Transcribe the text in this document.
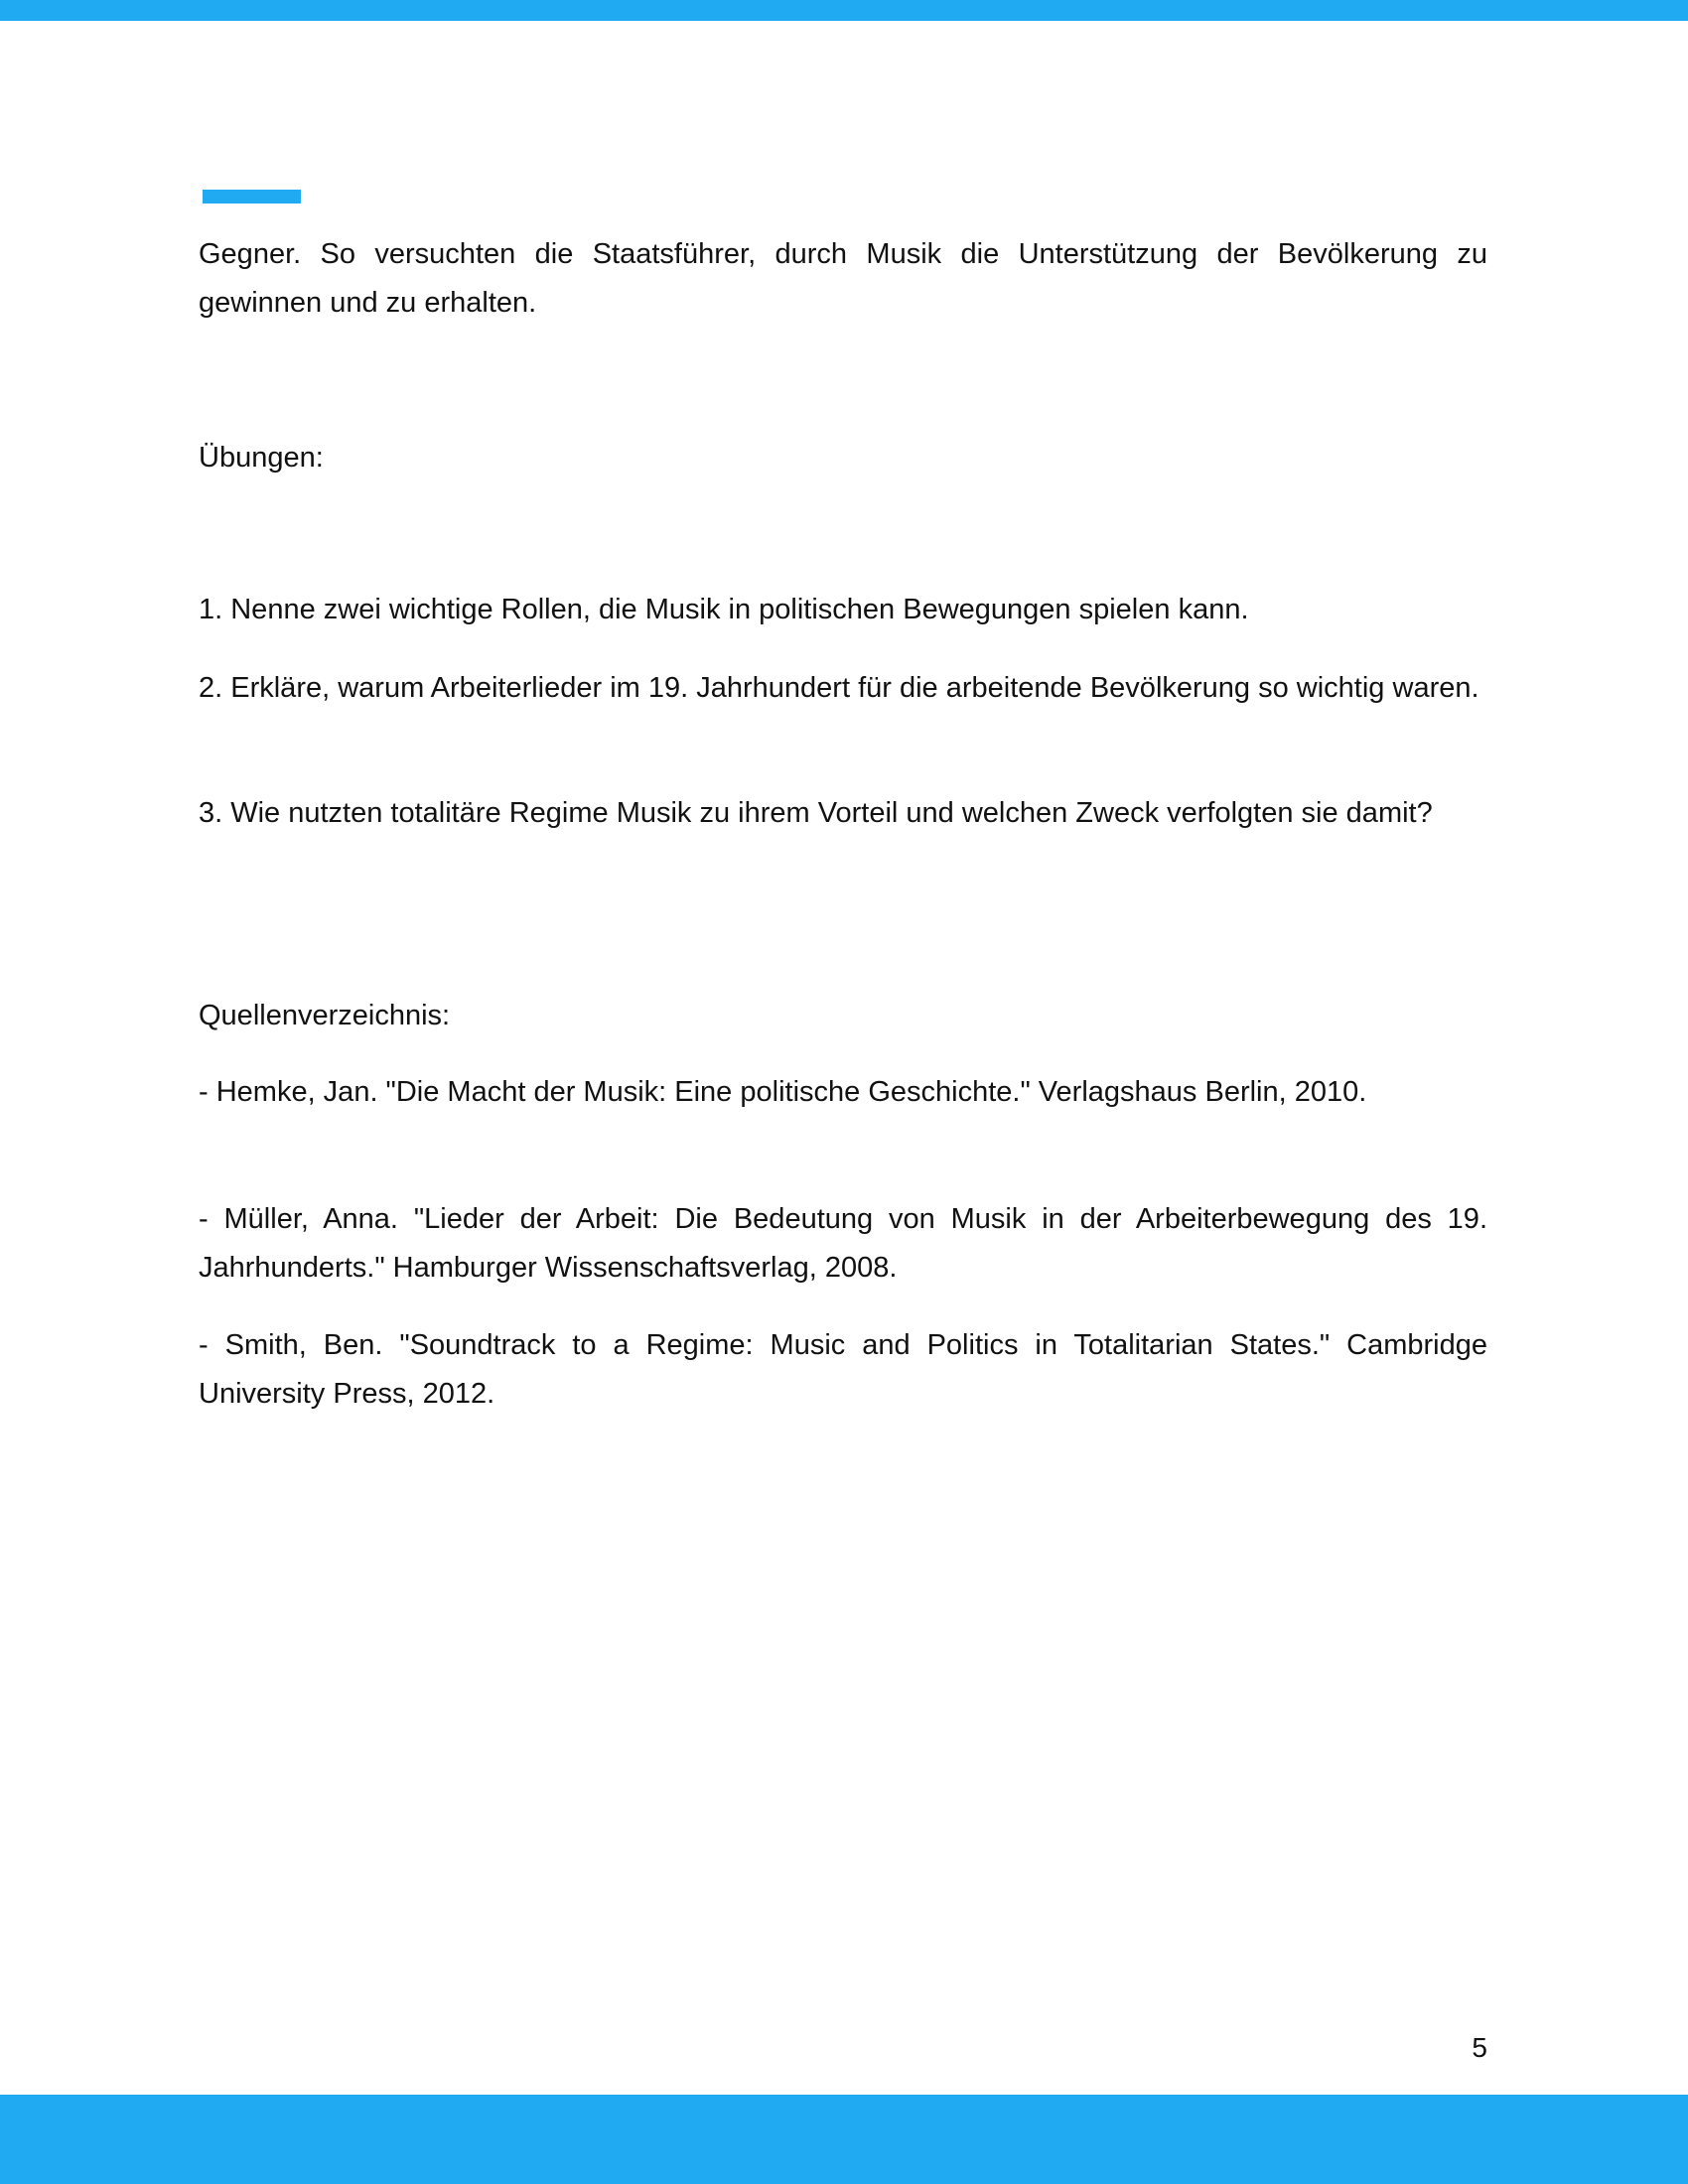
Gegner. So versuchten die Staatsführer, durch Musik die Unterstützung der Bevölkerung zu gewinnen und zu erhalten.

Übungen:

1. Nenne zwei wichtige Rollen, die Musik in politischen Bewegungen spielen kann.

2. Erkläre, warum Arbeiterlieder im 19. Jahrhundert für die arbeitende Bevölkerung so wichtig waren.

3. Wie nutzten totalitäre Regime Musik zu ihrem Vorteil und welchen Zweck verfolgten sie damit?

Quellenverzeichnis:

- Hemke, Jan. "Die Macht der Musik: Eine politische Geschichte." Verlagshaus Berlin, 2010.

- Müller, Anna. "Lieder der Arbeit: Die Bedeutung von Musik in der Arbeiterbewegung des 19. Jahrhunderts." Hamburger Wissenschaftsverlag, 2008.

- Smith, Ben. "Soundtrack to a Regime: Music and Politics in Totalitarian States." Cambridge University Press, 2012.

5
